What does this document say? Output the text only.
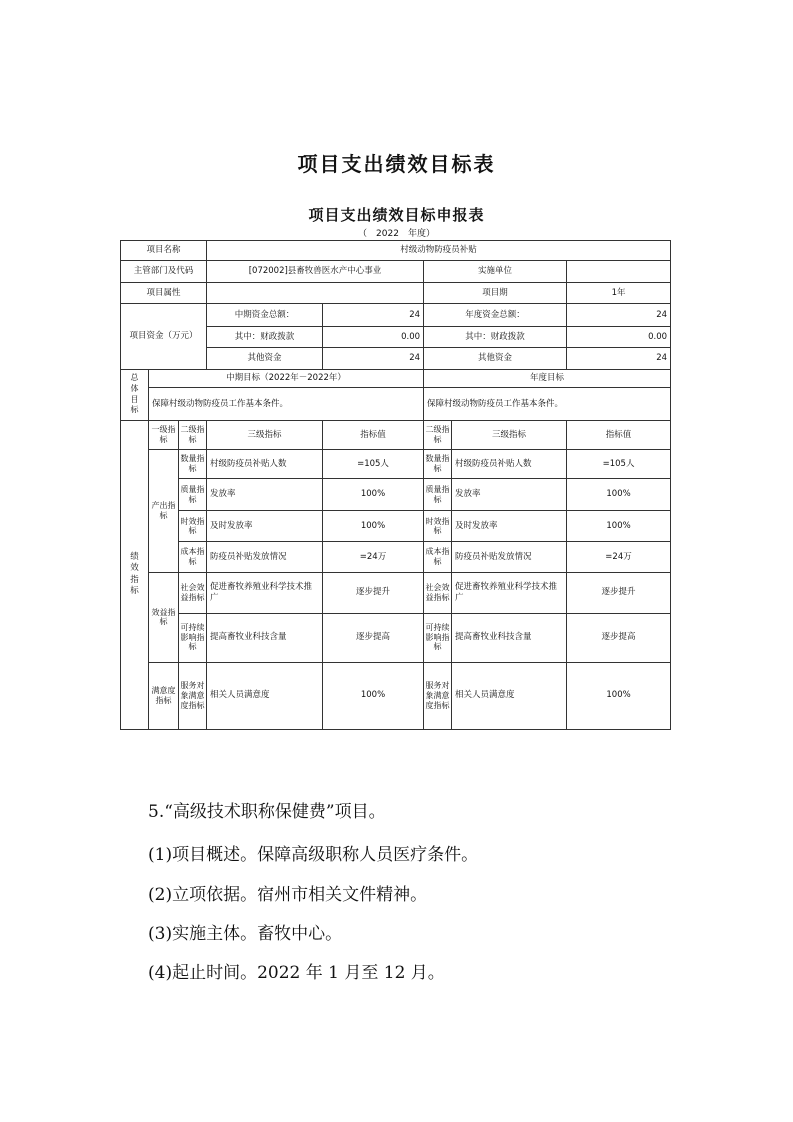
项目支出绩效目标表
项目支出绩效目标申报表
（　2022　年度）
项目名称			村级动物防疫员补贴				
主管部门及代码			[072002]县畜牧兽医水产中心事业		实施单位		
项目属性					项目期		1年
项目资金（万元）			中期资金总额：	24	年度资金总额：		24
			其中：财政拨款	0.00	其中：财政拨款		0.00
			其他资金	24	其他资金		24
总体目标	中期目标（2022年－2022年）				年度目标		
	保障村级动物防疫员工作基本条件。				保障村级动物防疫员工作基本条件。		
绩效指标	一级指标	二级指标	三级指标	指标值	二级指标	三级指标	指标值
	产出指标	数量指标	村级防疫员补贴人数	=105人	数量指标	村级防疫员补贴人数	=105人
		质量指标	发放率	100%	质量指标	发放率	100%
		时效指标	及时发放率	100%	时效指标	及时发放率	100%
		成本指标	防疫员补贴发放情况	=24万	成本指标	防疫员补贴发放情况	=24万
	效益指标	社会效益指标	促进畜牧养殖业科学技术推广	逐步提升	社会效益指标	促进畜牧养殖业科学技术推广	逐步提升
		可持续影响指标	提高畜牧业科技含量	逐步提高	可持续影响指标	提高畜牧业科技含量	逐步提高
	满意度指标	服务对象满意度指标	相关人员满意度	100%	服务对象满意度指标	相关人员满意度	100%
5.“高级技术职称保健费”项目。
(1)项目概述。保障高级职称人员医疗条件。
(2)立项依据。宿州市相关文件精神。
(3)实施主体。畜牧中心。
(4)起止时间。2022 年 1 月至 12 月。
